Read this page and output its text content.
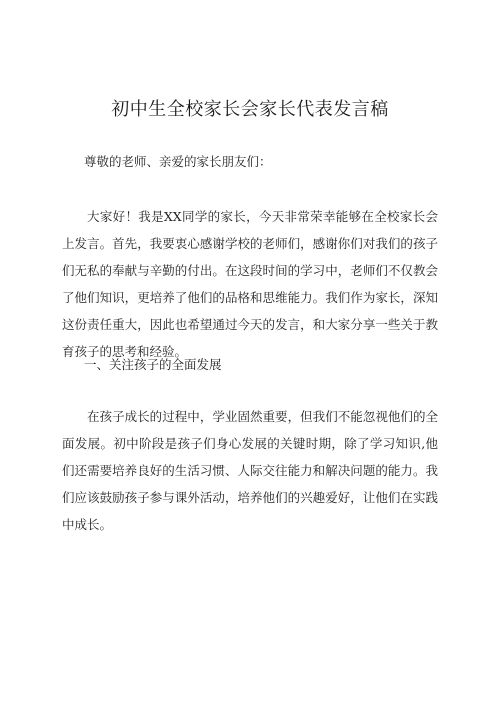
初中生全校家长会家长代表发言稿
尊敬的老师、亲爱的家长朋友们：
大家好！我是XX同学的家长，今天非常荣幸能够在全校家长会上发言。首先，我要衷心感谢学校的老师们，感谢你们对我们的孩子们无私的奉献与辛勤的付出。在这段时间的学习中，老师们不仅教会了他们知识，更培养了他们的品格和思维能力。我们作为家长，深知这份责任重大，因此也希望通过今天的发言，和大家分享一些关于教育孩子的思考和经验。
一、关注孩子的全面发展
在孩子成长的过程中，学业固然重要，但我们不能忽视他们的全面发展。初中阶段是孩子们身心发展的关键时期，除了学习知识,他们还需要培养良好的生活习惯、人际交往能力和解决问题的能力。我们应该鼓励孩子参与课外活动，培养他们的兴趣爱好，让他们在实践中成长。
